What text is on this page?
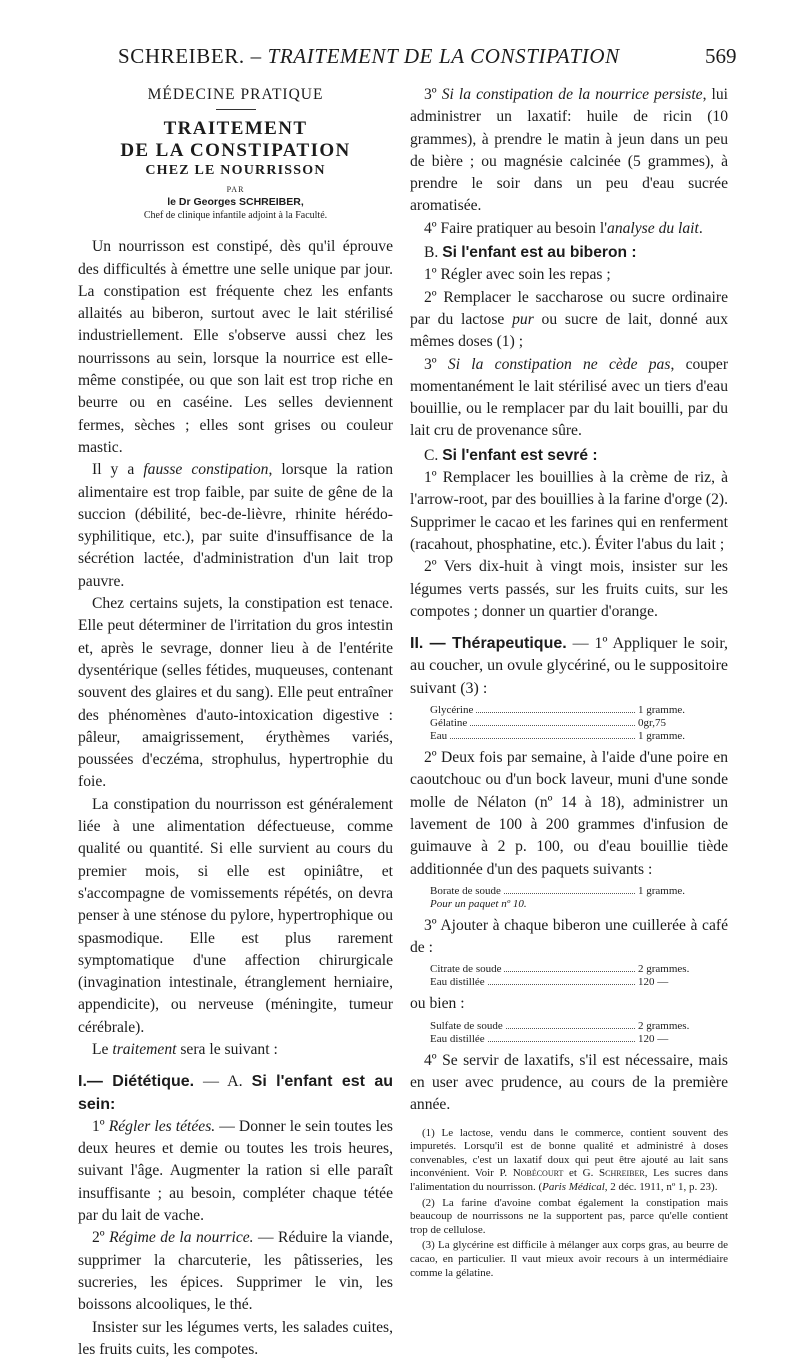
SCHREIBER. – TRAITEMENT DE LA CONSTIPATION	569
MÉDECINE PRATIQUE
TRAITEMENT
DE LA CONSTIPATION
CHEZ LE NOURRISSON
PAR
le Dr Georges SCHREIBER,
Chef de clinique infantile adjoint à la Faculté.

Un nourrisson est constipé, dès qu'il éprouve des difficultés à émettre une selle unique par jour. La constipation est fréquente chez les enfants allaités au biberon, surtout avec le lait stérilisé industriellement. Elle s'observe aussi chez les nourrissons au sein, lorsque la nourrice est elle-même constipée, ou que son lait est trop riche en beurre ou en caséine. Les selles deviennent fermes, sèches ; elles sont grises ou couleur mastic.

Il y a fausse constipation, lorsque la ration alimentaire est trop faible, par suite de gêne de la succion (débilité, bec-de-lièvre, rhinite hérédo-syphilitique, etc.), par suite d'insuffisance de la sécrétion lactée, d'administration d'un lait trop pauvre.

Chez certains sujets, la constipation est tenace. Elle peut déterminer de l'irritation du gros intestin et, après le sevrage, donner lieu à de l'entérite dysentérique (selles fétides, muqueuses, contenant souvent des glaires et du sang). Elle peut entraîner des phénomènes d'auto-intoxication digestive : pâleur, amaigrissement, érythèmes variés, poussées d'eczéma, strophulus, hypertrophie du foie.

La constipation du nourrisson est généralement liée à une alimentation défectueuse, comme qualité ou quantité. Si elle survient au cours du premier mois, si elle est opiniâtre, et s'accompagne de vomissements répétés, on devra penser à une sténose du pylore, hypertrophique ou spasmodique. Elle est plus rarement symptomatique d'une affection chirurgicale (invagination intestinale, étranglement herniaire, appendicite), ou nerveuse (méningite, tumeur cérébrale).

Le traitement sera le suivant :

I.— Diététique. — A. Si l'enfant est au sein:

1º Régler les tétées. — Donner le sein toutes les deux heures et demie ou toutes les trois heures, suivant l'âge. Augmenter la ration si elle paraît insuffisante ; au besoin, compléter chaque tétée par du lait de vache.

2º Régime de la nourrice. — Réduire la viande, supprimer la charcuterie, les pâtisseries, les sucreries, les épices. Supprimer le vin, les boissons alcooliques, le thé.

Insister sur les légumes verts, les salades cuites, les fruits cuits, les compotes.

3º Si la constipation de la nourrice persiste, lui administrer un laxatif: huile de ricin (10 grammes), à prendre le matin à jeun dans un peu de bière ; ou magnésie calcinée (5 grammes), à prendre le soir dans un peu d'eau sucrée aromatisée.

4º Faire pratiquer au besoin l'analyse du lait.

B. Si l'enfant est au biberon :

1º Régler avec soin les repas ;

2º Remplacer le saccharose ou sucre ordinaire par du lactose pur ou sucre de lait, donné aux mêmes doses (1) ;

3º Si la constipation ne cède pas, couper momentanément le lait stérilisé avec un tiers d'eau bouillie, ou le remplacer par du lait bouilli, par du lait cru de provenance sûre.

C. Si l'enfant est sevré :

1º Remplacer les bouillies à la crème de riz, à l'arrow-root, par des bouillies à la farine d'orge (2). Supprimer le cacao et les farines qui en renferment (racahout, phosphatine, etc.). Éviter l'abus du lait ;

2º Vers dix-huit à vingt mois, insister sur les légumes verts passés, sur les fruits cuits, sur les compotes ; donner un quartier d'orange.

II. — Thérapeutique. — 1º Appliquer le soir, au coucher, un ovule glycériné, ou le suppositoire suivant (3) :

Glycérine	1 gramme.
Gélatine	0gr,75
Eau	1 gramme.

2º Deux fois par semaine, à l'aide d'une poire en caoutchouc ou d'un bock laveur, muni d'une sonde molle de Nélaton (nº 14 à 18), administrer un lavement de 100 à 200 grammes d'infusion de guimauve à 2 p. 100, ou d'eau bouillie tiède additionnée d'un des paquets suivants :

Borate de soude	1 gramme.
Pour un paquet nº 10.

3º Ajouter à chaque biberon une cuillerée à café de :

Citrate de soude	2 grammes.
Eau distillée	120 —

ou bien :

Sulfate de soude	2 grammes.
Eau distillée	120 —

4º Se servir de laxatifs, s'il est nécessaire, mais en user avec prudence, au cours de la première année.

(1) Le lactose, vendu dans le commerce, contient souvent des impuretés. Lorsqu'il est de bonne qualité et administré à doses convenables, c'est un laxatif doux qui peut être ajouté au lait sans inconvénient. Voir P. Nobécourt et G. Schreiber, Les sucres dans l'alimentation du nourrisson. (Paris Médical, 2 déc. 1911, nº 1, p. 23).

(2) La farine d'avoine combat également la constipation mais beaucoup de nourrissons ne la supportent pas, parce qu'elle contient trop de cellulose.

(3) La glycérine est difficile à mélanger aux corps gras, au beurre de cacao, en particulier. Il vaut mieux avoir recours à un intermédiaire comme la gélatine.
